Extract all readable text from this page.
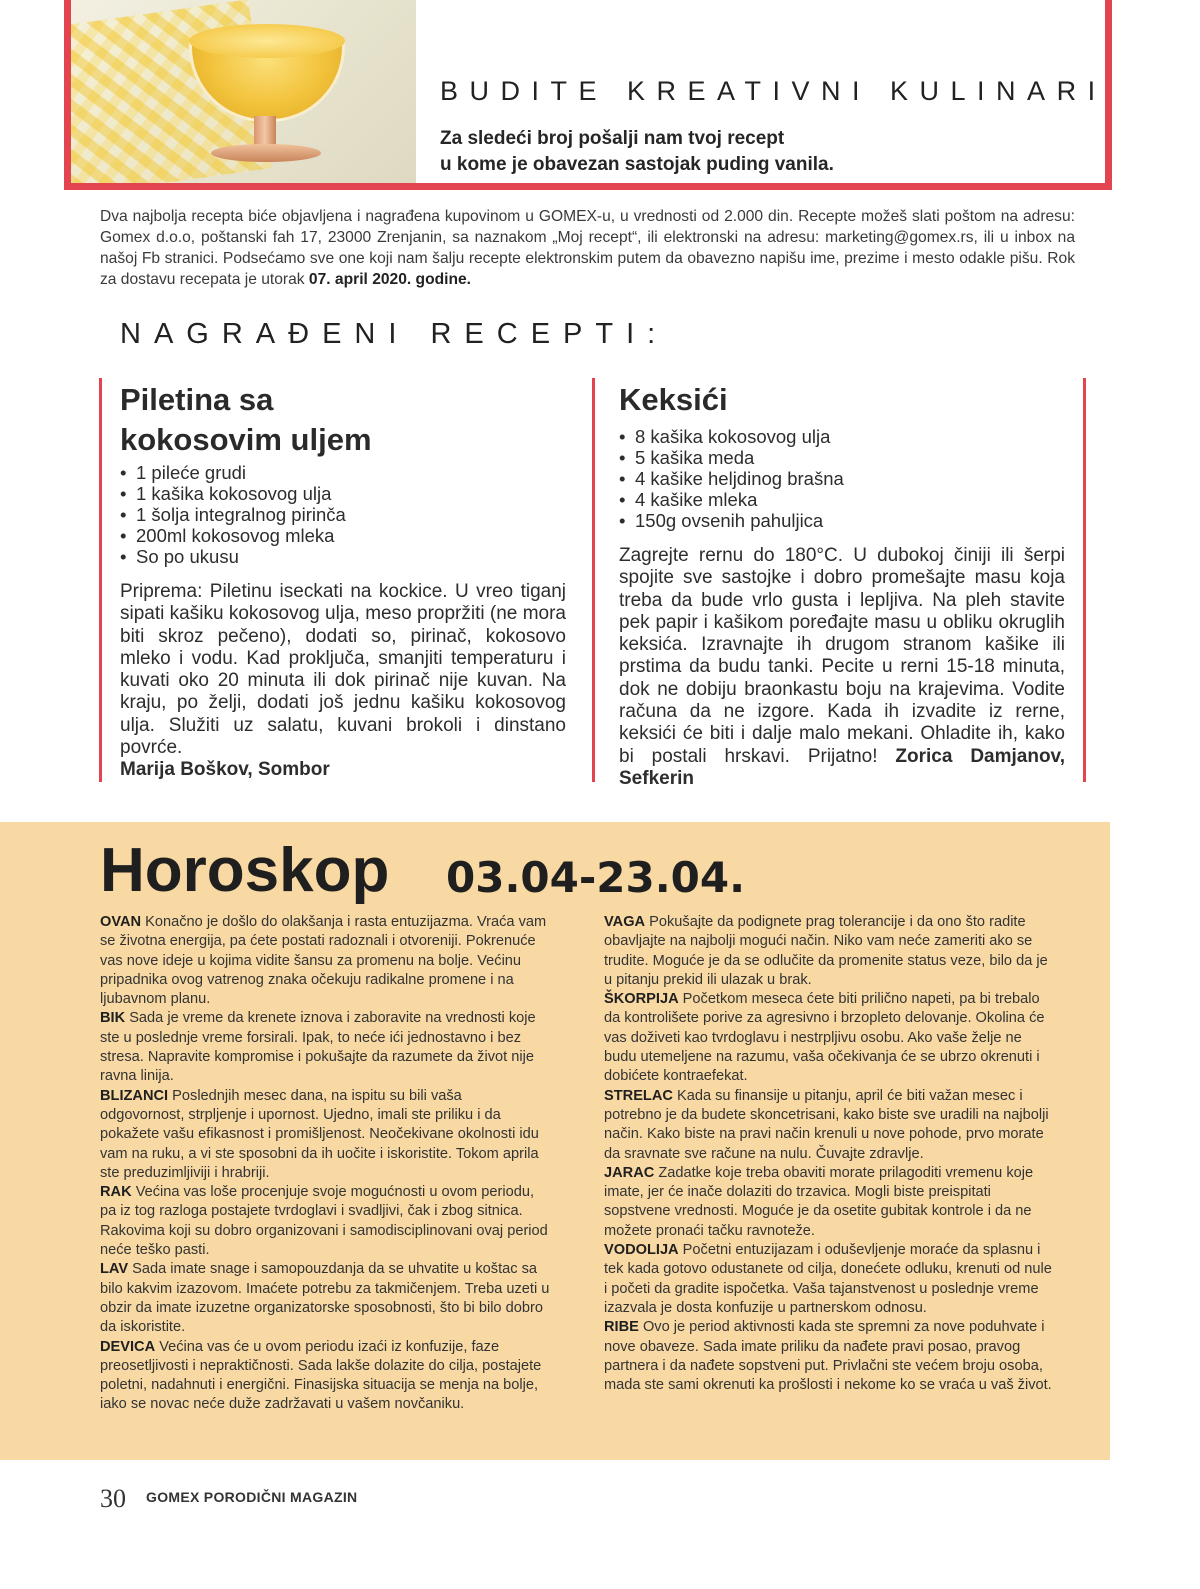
BUDITE KREATIVNI KULINARI
Za sledeći broj pošalji nam tvoj recept
u kome je obavezan sastojak puding vanila.
Dva najbolja recepta biće objavljena i nagrađena kupovinom u GOMEX-u, u vrednosti od 2.000 din. Recepte možeš slati poštom na adresu: Gomex d.o.o, poštanski fah 17, 23000 Zrenjanin, sa naznakom „Moj recept“, ili elektronski na adresu: marketing@gomex.rs, ili u inbox na našoj Fb stranici. Podsećamo sve one koji nam šalju recepte elektronskim putem da obavezno napišu ime, prezime i mesto odakle pišu. Rok za dostavu recepata je utorak 07. april 2020. godine.
NAGRAĐENI RECEPTI:
Piletina sa
kokosovim uljem
• 1 pileće grudi
• 1 kašika kokosovog ulja
• 1 šolja integralnog pirinča
• 200ml kokosovog mleka
• So po ukusu
Priprema: Piletinu iseckati na kockice. U vreo tiganj sipati kašiku kokosovog ulja, meso propržiti (ne mora biti skroz pečeno), dodati so, pirinač, kokosovo mleko i vodu. Kad proključa, smanjiti temperaturu i kuvati oko 20 minuta ili dok pirinač nije kuvan. Na kraju, po želji, dodati još jednu kašiku kokosovog ulja. Služiti uz salatu, kuvani brokoli i dinstano povrće.
Marija Boškov, Sombor
Keksići
• 8 kašika kokosovog ulja
• 5 kašika meda
• 4 kašike heljdinog brašna
• 4 kašike mleka
• 150g ovsenih pahuljica
Zagrejte rernu do 180°C. U dubokoj činiji ili šerpi spojite sve sastojke i dobro promešajte masu koja treba da bude vrlo gusta i lepljiva. Na pleh stavite pek papir i kašikom poređajte masu u obliku okruglih keksića. Izravnajte ih drugom stranom kašike ili prstima da budu tanki. Pecite u rerni 15-18 minuta, dok ne dobiju braonkastu boju na krajevima. Vodite računa da ne izgore. Kada ih izvadite iz rerne, keksići će biti i dalje malo mekani. Ohladite ih, kako bi postali hrskavi. Prijatno! Zorica Damjanov, Sefkerin
Horoskop 03.04-23.04.
OVAN Konačno je došlo do olakšanja i rasta entuzijazma. Vraća vam se životna energija, pa ćete postati radoznali i otvoreniji. Pokrenuće vas nove ideje u kojima vidite šansu za promenu na bolje. Većinu pripadnika ovog vatrenog znaka očekuju radikalne promene i na ljubavnom planu.
BIK Sada je vreme da krenete iznova i zaboravite na vrednosti koje ste u poslednje vreme forsirali. Ipak, to neće ići jednostavno i bez stresa. Napravite kompromise i pokušajte da razumete da život nije ravna linija.
BLIZANCI Poslednjih mesec dana, na ispitu su bili vaša odgovornost, strpljenje i upornost. Ujedno, imali ste priliku i da pokažete vašu efikasnost i promišljenost. Neočekivane okolnosti idu vam na ruku, a vi ste sposobni da ih uočite i iskoristite. Tokom aprila ste preduzimljiviji i hrabriji.
RAK Većina vas loše procenjuje svoje mogućnosti u ovom periodu, pa iz tog razloga postajete tvrdoglavi i svadljivi, čak i zbog sitnica. Rakovima koji su dobro organizovani i samodisciplinovani ovaj period neće teško pasti.
LAV Sada imate snage i samopouzdanja da se uhvatite u koštac sa bilo kakvim izazovom. Imaćete potrebu za takmičenjem. Treba uzeti u obzir da imate izuzetne organizatorske sposobnosti, što bi bilo dobro da iskoristite.
DEVICA Većina vas će u ovom periodu izaći iz konfuzije, faze preosetljivosti i nepraktičnosti. Sada lakše dolazite do cilja, postajete poletni, nadahnuti i energični. Finasijska situacija se menja na bolje, iako se novac neće duže zadržavati u vašem novčaniku.
VAGA Pokušajte da podignete prag tolerancije i da ono što radite obavljajte na najbolji mogući način. Niko vam neće zameriti ako se trudite. Moguće je da se odlučite da promenite status veze, bilo da je u pitanju prekid ili ulazak u brak.
ŠKORPIJA Početkom meseca ćete biti prilično napeti, pa bi trebalo da kontrolišete porive za agresivno i brzopleto delovanje. Okolina će vas doživeti kao tvrdoglavu i nestrpljivu osobu. Ako vaše želje ne budu utemeljene na razumu, vaša očekivanja će se ubrzo okrenuti i dobićete kontraefekat.
STRELAC Kada su finansije u pitanju, april će biti važan mesec i potrebno je da budete skoncetrisani, kako biste sve uradili na najbolji način. Kako biste na pravi način krenuli u nove pohode, prvo morate da sravnate sve račune na nulu. Čuvajte zdravlje.
JARAC Zadatke koje treba obaviti morate prilagoditi vremenu koje imate, jer će inače dolaziti do trzavica. Mogli biste preispitati sopstvene vrednosti. Moguće je da osetite gubitak kontrole i da ne možete pronaći tačku ravnoteže.
VODOLIJA Početni entuzijazam i oduševljenje moraće da splasnu i tek kada gotovo odustanete od cilja, donećete odluku, krenuti od nule i početi da gradite ispočetka. Vaša tajanstvenost u poslednje vreme izazvala je dosta konfuzije u partnerskom odnosu.
RIBE Ovo je period aktivnosti kada ste spremni za nove poduhvate i nove obaveze. Sada imate priliku da nađete pravi posao, pravog partnera i da nađete sopstveni put. Privlačni ste većem broju osoba, mada ste sami okrenuti ka prošlosti i nekome ko se vraća u vaš život.
30 GOMEX PORODIČNI MAGAZIN
